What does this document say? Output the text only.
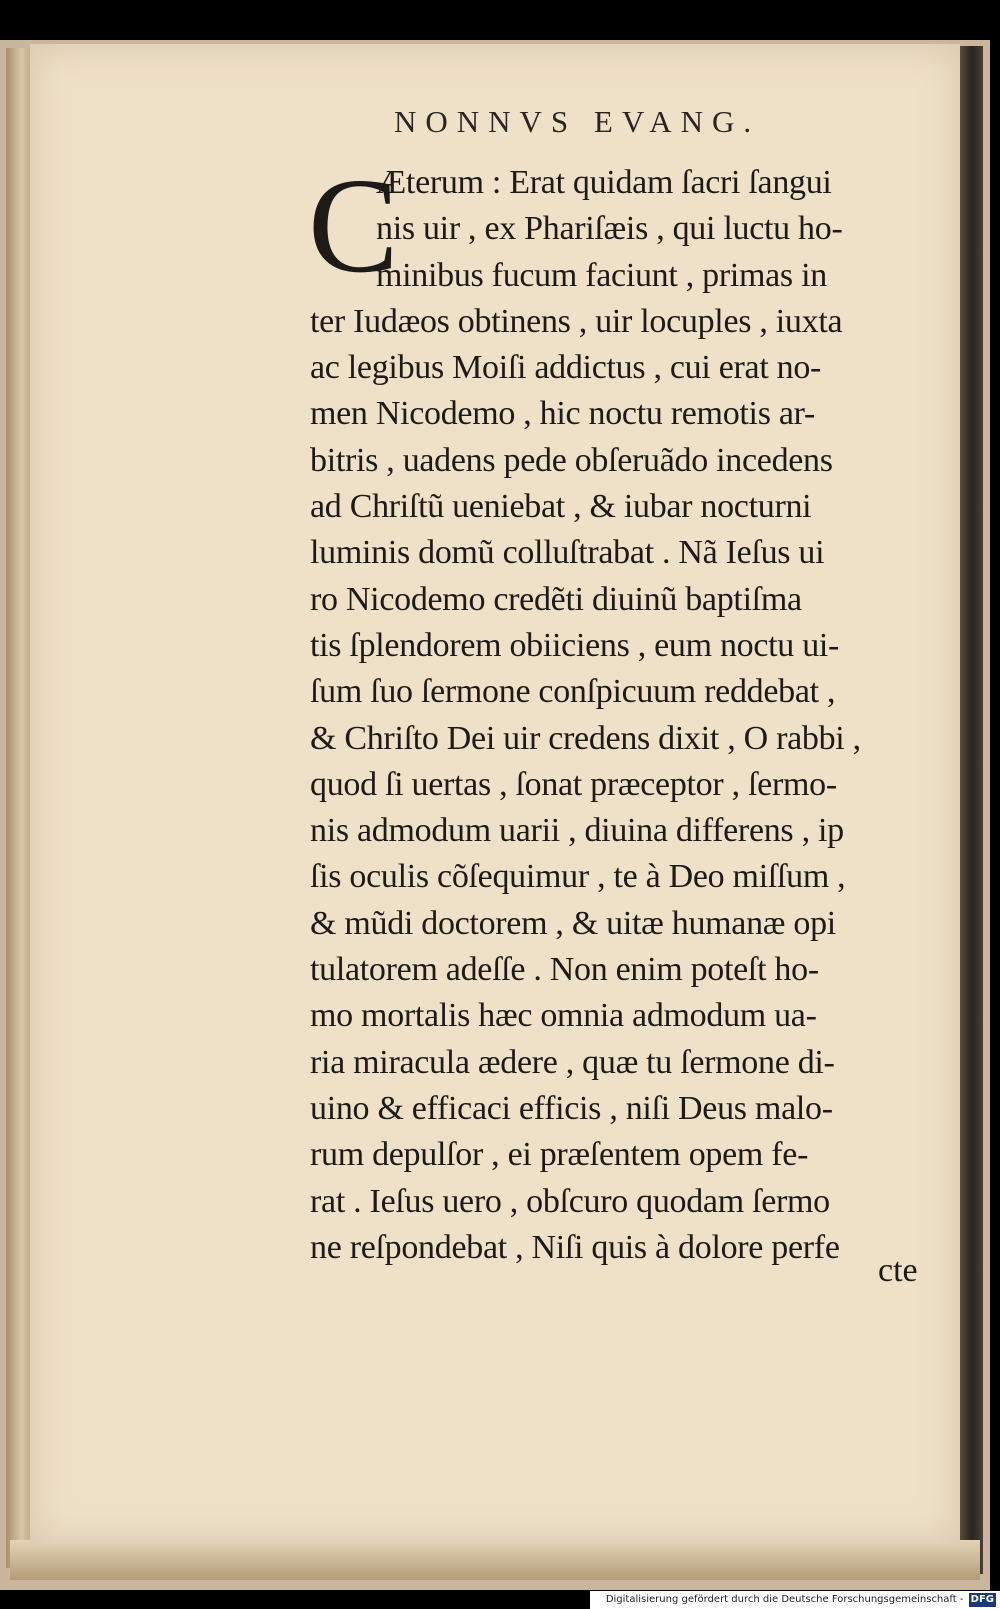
NONNVS EVANG.
C
Æterum : Erat quidam ſacri ſangui
nis uir , ex Phariſæis , qui luctu ho-
minibus fucum faciunt , primas in
ter Iudæos obtinens , uir locuples , iuxta
ac legibus Moiſi addictus , cui erat no-
men Nicodemo , hic noctu remotis ar-
bitris , uadens pede obſeruãdo incedens
ad Chriſtũ ueniebat , & iubar nocturni
luminis domũ colluſtrabat . Nã Ieſus ui
ro Nicodemo credẽti diuinũ baptiſma
tis ſplendorem obiiciens , eum noctu ui-
ſum ſuo ſermone conſpicuum reddebat ,
& Chriſto Dei uir credens dixit , O rabbi ,
quod ſi uertas , ſonat præceptor , ſermo-
nis admodum uarii , diuina differens , ip
ſis oculis cõſequimur , te à Deo miſſum ,
& mũdi doctorem , & uitæ humanæ opi
tulatorem adeſſe . Non enim poteſt ho-
mo mortalis hæc omnia admodum ua-
ria miracula ædere , quæ tu ſermone di-
uino & efficaci efficis , niſi Deus malo-
rum depulſor , ei præſentem opem fe-
rat . Ieſus uero , obſcuro quodam ſermo
ne reſpondebat , Niſi quis à dolore perfe
cte
Digitalisierung gefördert durch die Deutsche Forschungsgemeinschaft - DFG
